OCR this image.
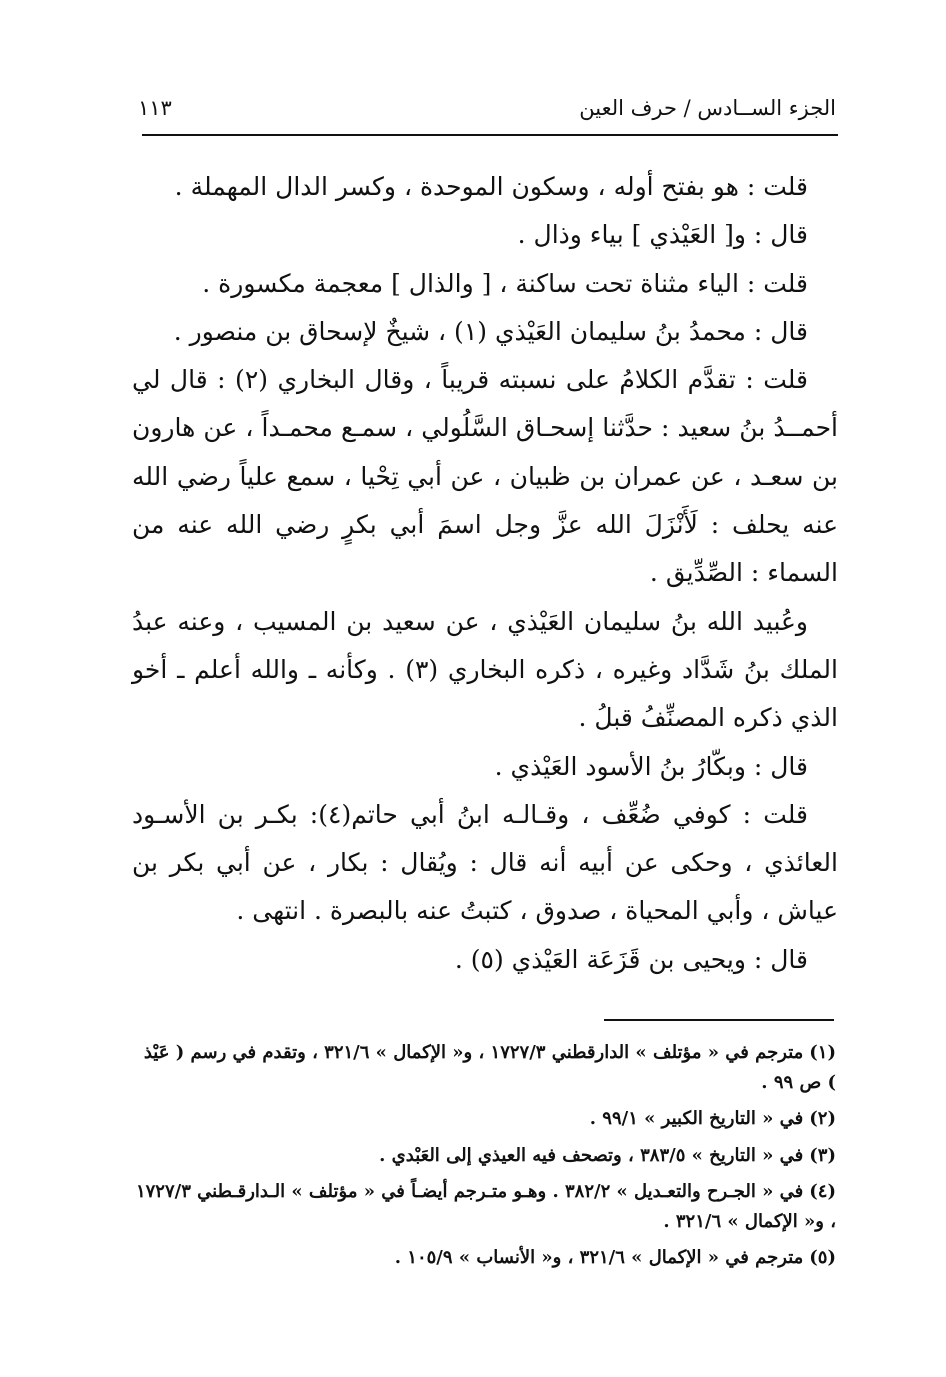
الجزء الســادس / حرف العين
١١٣

قلت : هو بفتح أوله ، وسكون الموحدة ، وكسر الدال المهملة .

قال : و[ العَيْذي ] بياء وذال .

قلت : الياء مثناة تحت ساكنة ، [ والذال ] معجمة مكسورة .

قال : محمدُ بنُ سليمان العَيْذي (١) ، شيخٌ لإسحاق بن منصور .

قلت : تقدَّم الكلامُ على نسبته قريباً ، وقال البخاري (٢) : قال لي أحمــدُ بنُ سعيد : حدَّثنا إسحـاق السَّلُولي ، سمـع محمـداً ، عن هارون بن سعـد ، عن عمران بن ظبيان ، عن أبي تِحْيا ، سمع علياً رضي الله عنه يحلف : لَأَنْزَلَ الله عزَّ وجل اسمَ أبي بكرٍ رضي الله عنه من السماء : الصِّدِّيق .

وعُبيد الله بنُ سليمان العَيْذي ، عن سعيد بن المسيب ، وعنه عبدُ الملك بنُ شَدَّاد وغيره ، ذكره البخاري (٣) . وكأنه ـ والله أعلم ـ أخو الذي ذكره المصنِّفُ قبلُ .

قال : وبكّارُ بنُ الأسود العَيْذي .

قلت : كوفي ضُعِّف ، وقـالـه ابنُ أبي حاتم(٤): بكـر بن الأسـود العائذي ، وحكى عن أبيه أنه قال : ويُقال : بكار ، عن أبي بكر بن عياش ، وأبي المحياة ، صدوق ، كتبتُ عنه بالبصرة . انتهى .

قال : ويحيى بن قَزَعَة العَيْذي (٥) .

(١)مترجم في « مؤتلف » الدارقطني ١٧٢٧/٣ ، و« الإكمال » ٣٢١/٦ ، وتقدم في رسم ( عَيْذ ) ص ٩٩ .

(٢)في « التاريخ الكبير » ٩٩/١ .

(٣)في « التاريخ » ٣٨٣/٥ ، وتصحف فيه العيذي إلى العَبْدي .

(٤)في « الجـرح والتعـديل » ٣٨٢/٢ . وهـو متـرجم أيضـاً في « مؤتلف » الـدارقـطني ١٧٢٧/٣ ، و« الإكمال » ٣٢١/٦ .

(٥)مترجم في « الإكمال » ٣٢١/٦ ، و« الأنساب » ١٠٥/٩ .
